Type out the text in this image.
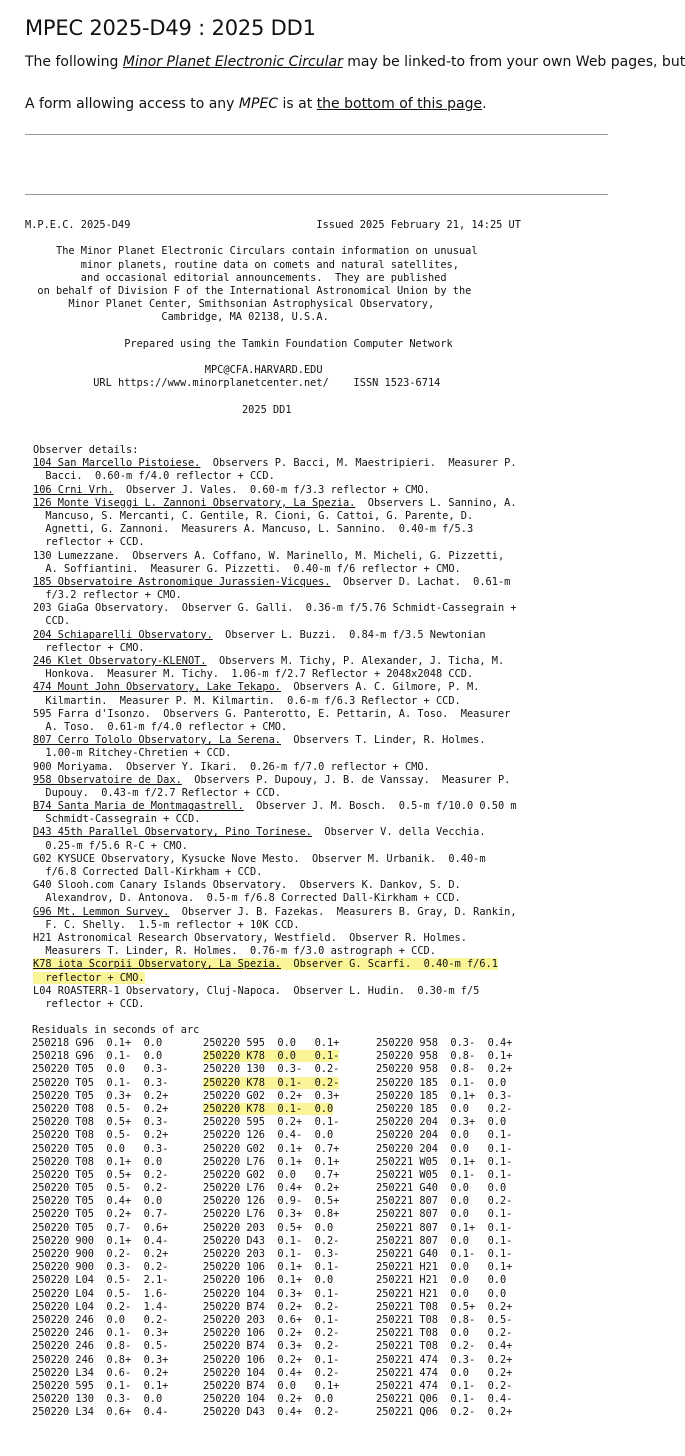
MPEC 2025-D49 : 2025 DD1

The following Minor Planet Electronic Circular may be linked-to from your own Web pages, but

A form allowing access to any MPEC is at the bottom of this page.

M.P.E.C. 2025-D49                              Issued 2025 February 21, 14:25 UT
The Minor Planet Electronic Circulars contain information on unusual
minor planets, routine data on comets and natural satellites,
and occasional editorial announcements.  They are published
on behalf of Division F of the International Astronomical Union by the
Minor Planet Center, Smithsonian Astrophysical Observatory,
Cambridge, MA 02138, U.S.A.
Prepared using the Tamkin Foundation Computer Network
MPC@CFA.HARVARD.EDU
URL https://www.minorplanetcenter.net/    ISSN 1523-6714
2025 DD1
Observer details:
104 San Marcello Pistoiese.  Observers P. Bacci, M. Maestripieri.  Measurer P.
Bacci.  0.60-m f/4.0 reflector + CCD.
106 Crni Vrh.  Observer J. Vales.  0.60-m f/3.3 reflector + CMO.
126 Monte Viseggi L. Zannoni Observatory, La Spezia.  Observers L. Sannino, A.
Mancuso, S. Mercanti, C. Gentile, R. Cioni, G. Cattoi, G. Parente, D.
Agnetti, G. Zannoni.  Measurers A. Mancuso, L. Sannino.  0.40-m f/5.3
reflector + CCD.
130 Lumezzane.  Observers A. Coffano, W. Marinello, M. Micheli, G. Pizzetti,
A. Soffiantini.  Measurer G. Pizzetti.  0.40-m f/6 reflector + CMO.
185 Observatoire Astronomique Jurassien-Vicques.  Observer D. Lachat.  0.61-m
f/3.2 reflector + CMO.
203 GiaGa Observatory.  Observer G. Galli.  0.36-m f/5.76 Schmidt-Cassegrain +
CCD.
204 Schiaparelli Observatory.  Observer L. Buzzi.  0.84-m f/3.5 Newtonian
reflector + CMO.
246 Klet Observatory-KLENOT.  Observers M. Tichy, P. Alexander, J. Ticha, M.
Honkova.  Measurer M. Tichy.  1.06-m f/2.7 Reflector + 2048x2048 CCD.
474 Mount John Observatory, Lake Tekapo.  Observers A. C. Gilmore, P. M.
Kilmartin.  Measurer P. M. Kilmartin.  0.6-m f/6.3 Reflector + CCD.
595 Farra d'Isonzo.  Observers G. Panterotto, E. Pettarin, A. Toso.  Measurer
A. Toso.  0.61-m f/4.0 reflector + CMO.
807 Cerro Tololo Observatory, La Serena.  Observers T. Linder, R. Holmes.
1.00-m Ritchey-Chretien + CCD.
900 Moriyama.  Observer Y. Ikari.  0.26-m f/7.0 reflector + CMO.
958 Observatoire de Dax.  Observers P. Dupouy, J. B. de Vanssay.  Measurer P.
Dupouy.  0.43-m f/2.7 Reflector + CCD.
B74 Santa Maria de Montmagastrell.  Observer J. M. Bosch.  0.5-m f/10.0 0.50 m
Schmidt-Cassegrain + CCD.
D43 45th Parallel Observatory, Pino Torinese.  Observer V. della Vecchia.
0.25-m f/5.6 R-C + CMO.
G02 KYSUCE Observatory, Kysucke Nove Mesto.  Observer M. Urbanik.  0.40-m
f/6.8 Corrected Dall-Kirkham + CCD.
G40 Slooh.com Canary Islands Observatory.  Observers K. Dankov, S. D.
Alexandrov, D. Antonova.  0.5-m f/6.8 Corrected Dall-Kirkham + CCD.
G96 Mt. Lemmon Survey.  Observer J. B. Fazekas.  Measurers B. Gray, D. Rankin,
F. C. Shelly.  1.5-m reflector + 10K CCD.
H21 Astronomical Research Observatory, Westfield.  Observer R. Holmes.
Measurers T. Linder, R. Holmes.  0.76-m f/3.0 astrograph + CCD.
K78 iota Scorpii Observatory, La Spezia.  Observer G. Scarfi.  0.40-m f/6.1
reflector + CMO.
L04 ROASTERR-1 Observatory, Cluj-Napoca.  Observer L. Hudin.  0.30-m f/5
reflector + CCD.
Residuals in seconds of arc
250218 G96  0.1+  0.0
250218 G96  0.1-  0.0
250220 T05  0.0   0.3-
250220 T05  0.1-  0.3-
250220 T05  0.3+  0.2+
250220 T08  0.5-  0.2+
250220 T08  0.5+  0.3-
250220 T08  0.5-  0.2+
250220 T05  0.0   0.3-
250220 T08  0.1+  0.0
250220 T05  0.5+  0.2-
250220 T05  0.5-  0.2-
250220 T05  0.4+  0.0
250220 T05  0.2+  0.7-
250220 T05  0.7-  0.6+
250220 900  0.1+  0.4-
250220 900  0.2-  0.2+
250220 900  0.3-  0.2-
250220 L04  0.5-  2.1-
250220 L04  0.5-  1.6-
250220 L04  0.2-  1.4-
250220 246  0.0   0.2-
250220 246  0.1-  0.3+
250220 246  0.8-  0.5-
250220 246  0.8+  0.3+
250220 L34  0.6-  0.2+
250220 595  0.1-  0.1+
250220 130  0.3-  0.0
250220 L34  0.6+  0.4-
250220 595  0.0   0.1+
250220 K78  0.0   0.1-
250220 130  0.3-  0.2-
250220 K78  0.1-  0.2-
250220 G02  0.2+  0.3+
250220 K78  0.1-  0.0
250220 595  0.2+  0.1-
250220 126  0.4-  0.0
250220 G02  0.1+  0.7+
250220 L76  0.1+  0.1+
250220 G02  0.0   0.7+
250220 L76  0.4+  0.2+
250220 126  0.9-  0.5+
250220 L76  0.3+  0.8+
250220 203  0.5+  0.0
250220 D43  0.1-  0.2-
250220 203  0.1-  0.3-
250220 106  0.1+  0.1-
250220 106  0.1+  0.0
250220 104  0.3+  0.1-
250220 B74  0.2+  0.2-
250220 203  0.6+  0.1-
250220 106  0.2+  0.2-
250220 B74  0.3+  0.2-
250220 106  0.2+  0.1-
250220 104  0.4+  0.2-
250220 B74  0.0   0.1+
250220 104  0.2+  0.0
250220 D43  0.4+  0.2-
250220 958  0.3-  0.4+
250220 958  0.8-  0.1+
250220 958  0.8-  0.2+
250220 185  0.1-  0.0
250220 185  0.1+  0.3-
250220 185  0.0   0.2-
250220 204  0.3+  0.0
250220 204  0.0   0.1-
250220 204  0.0   0.1-
250221 W05  0.1+  0.1-
250221 W05  0.1-  0.1-
250221 G40  0.0   0.0
250221 807  0.0   0.2-
250221 807  0.0   0.1-
250221 807  0.1+  0.1-
250221 807  0.0   0.1-
250221 G40  0.1-  0.1-
250221 H21  0.0   0.1+
250221 H21  0.0   0.0
250221 H21  0.0   0.0
250221 T08  0.5+  0.2+
250221 T08  0.8-  0.5-
250221 T08  0.0   0.2-
250221 T08  0.2-  0.4+
250221 474  0.3-  0.2+
250221 474  0.0   0.2+
250221 474  0.1-  0.2-
250221 Q06  0.1-  0.4-
250221 Q06  0.2-  0.2+
